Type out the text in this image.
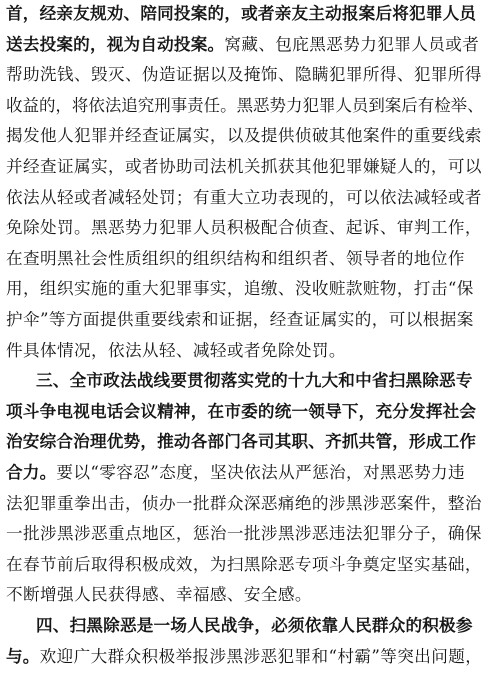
首，经亲友规劝、陪同投案的，或者亲友主动报案后将犯罪人员
送去投案的，视为自动投案。窝藏、包庇黑恶势力犯罪人员或者
帮助洗钱、毁灭、伪造证据以及掩饰、隐瞒犯罪所得、犯罪所得
收益的，将依法追究刑事责任。黑恶势力犯罪人员到案后有检举、
揭发他人犯罪并经查证属实，以及提供侦破其他案件的重要线索
并经查证属实，或者协助司法机关抓获其他犯罪嫌疑人的，可以
依法从轻或者减轻处罚；有重大立功表现的，可以依法减轻或者
免除处罚。黑恶势力犯罪人员积极配合侦查、起诉、审判工作，
在查明黑社会性质组织的组织结构和组织者、领导者的地位作
用，组织实施的重大犯罪事实，追缴、没收赃款赃物，打击“保
护伞”等方面提供重要线索和证据，经查证属实的，可以根据案
件具体情况，依法从轻、减轻或者免除处罚。
三、全市政法战线要贯彻落实党的十九大和中省扫黑除恶专
项斗争电视电话会议精神，在市委的统一领导下，充分发挥社会
治安综合治理优势，推动各部门各司其职、齐抓共管，形成工作
合力。要以“零容忍”态度，坚决依法从严惩治，对黑恶势力违
法犯罪重拳出击，侦办一批群众深恶痛绝的涉黑涉恶案件，整治
一批涉黑涉恶重点地区，惩治一批涉黑涉恶违法犯罪分子，确保
在春节前后取得积极成效，为扫黑除恶专项斗争奠定坚实基础，
不断增强人民获得感、幸福感、安全感。
四、扫黑除恶是一场人民战争，必须依靠人民群众的积极参
与。欢迎广大群众积极举报涉黑涉恶犯罪和“村霸”等突出问题，
